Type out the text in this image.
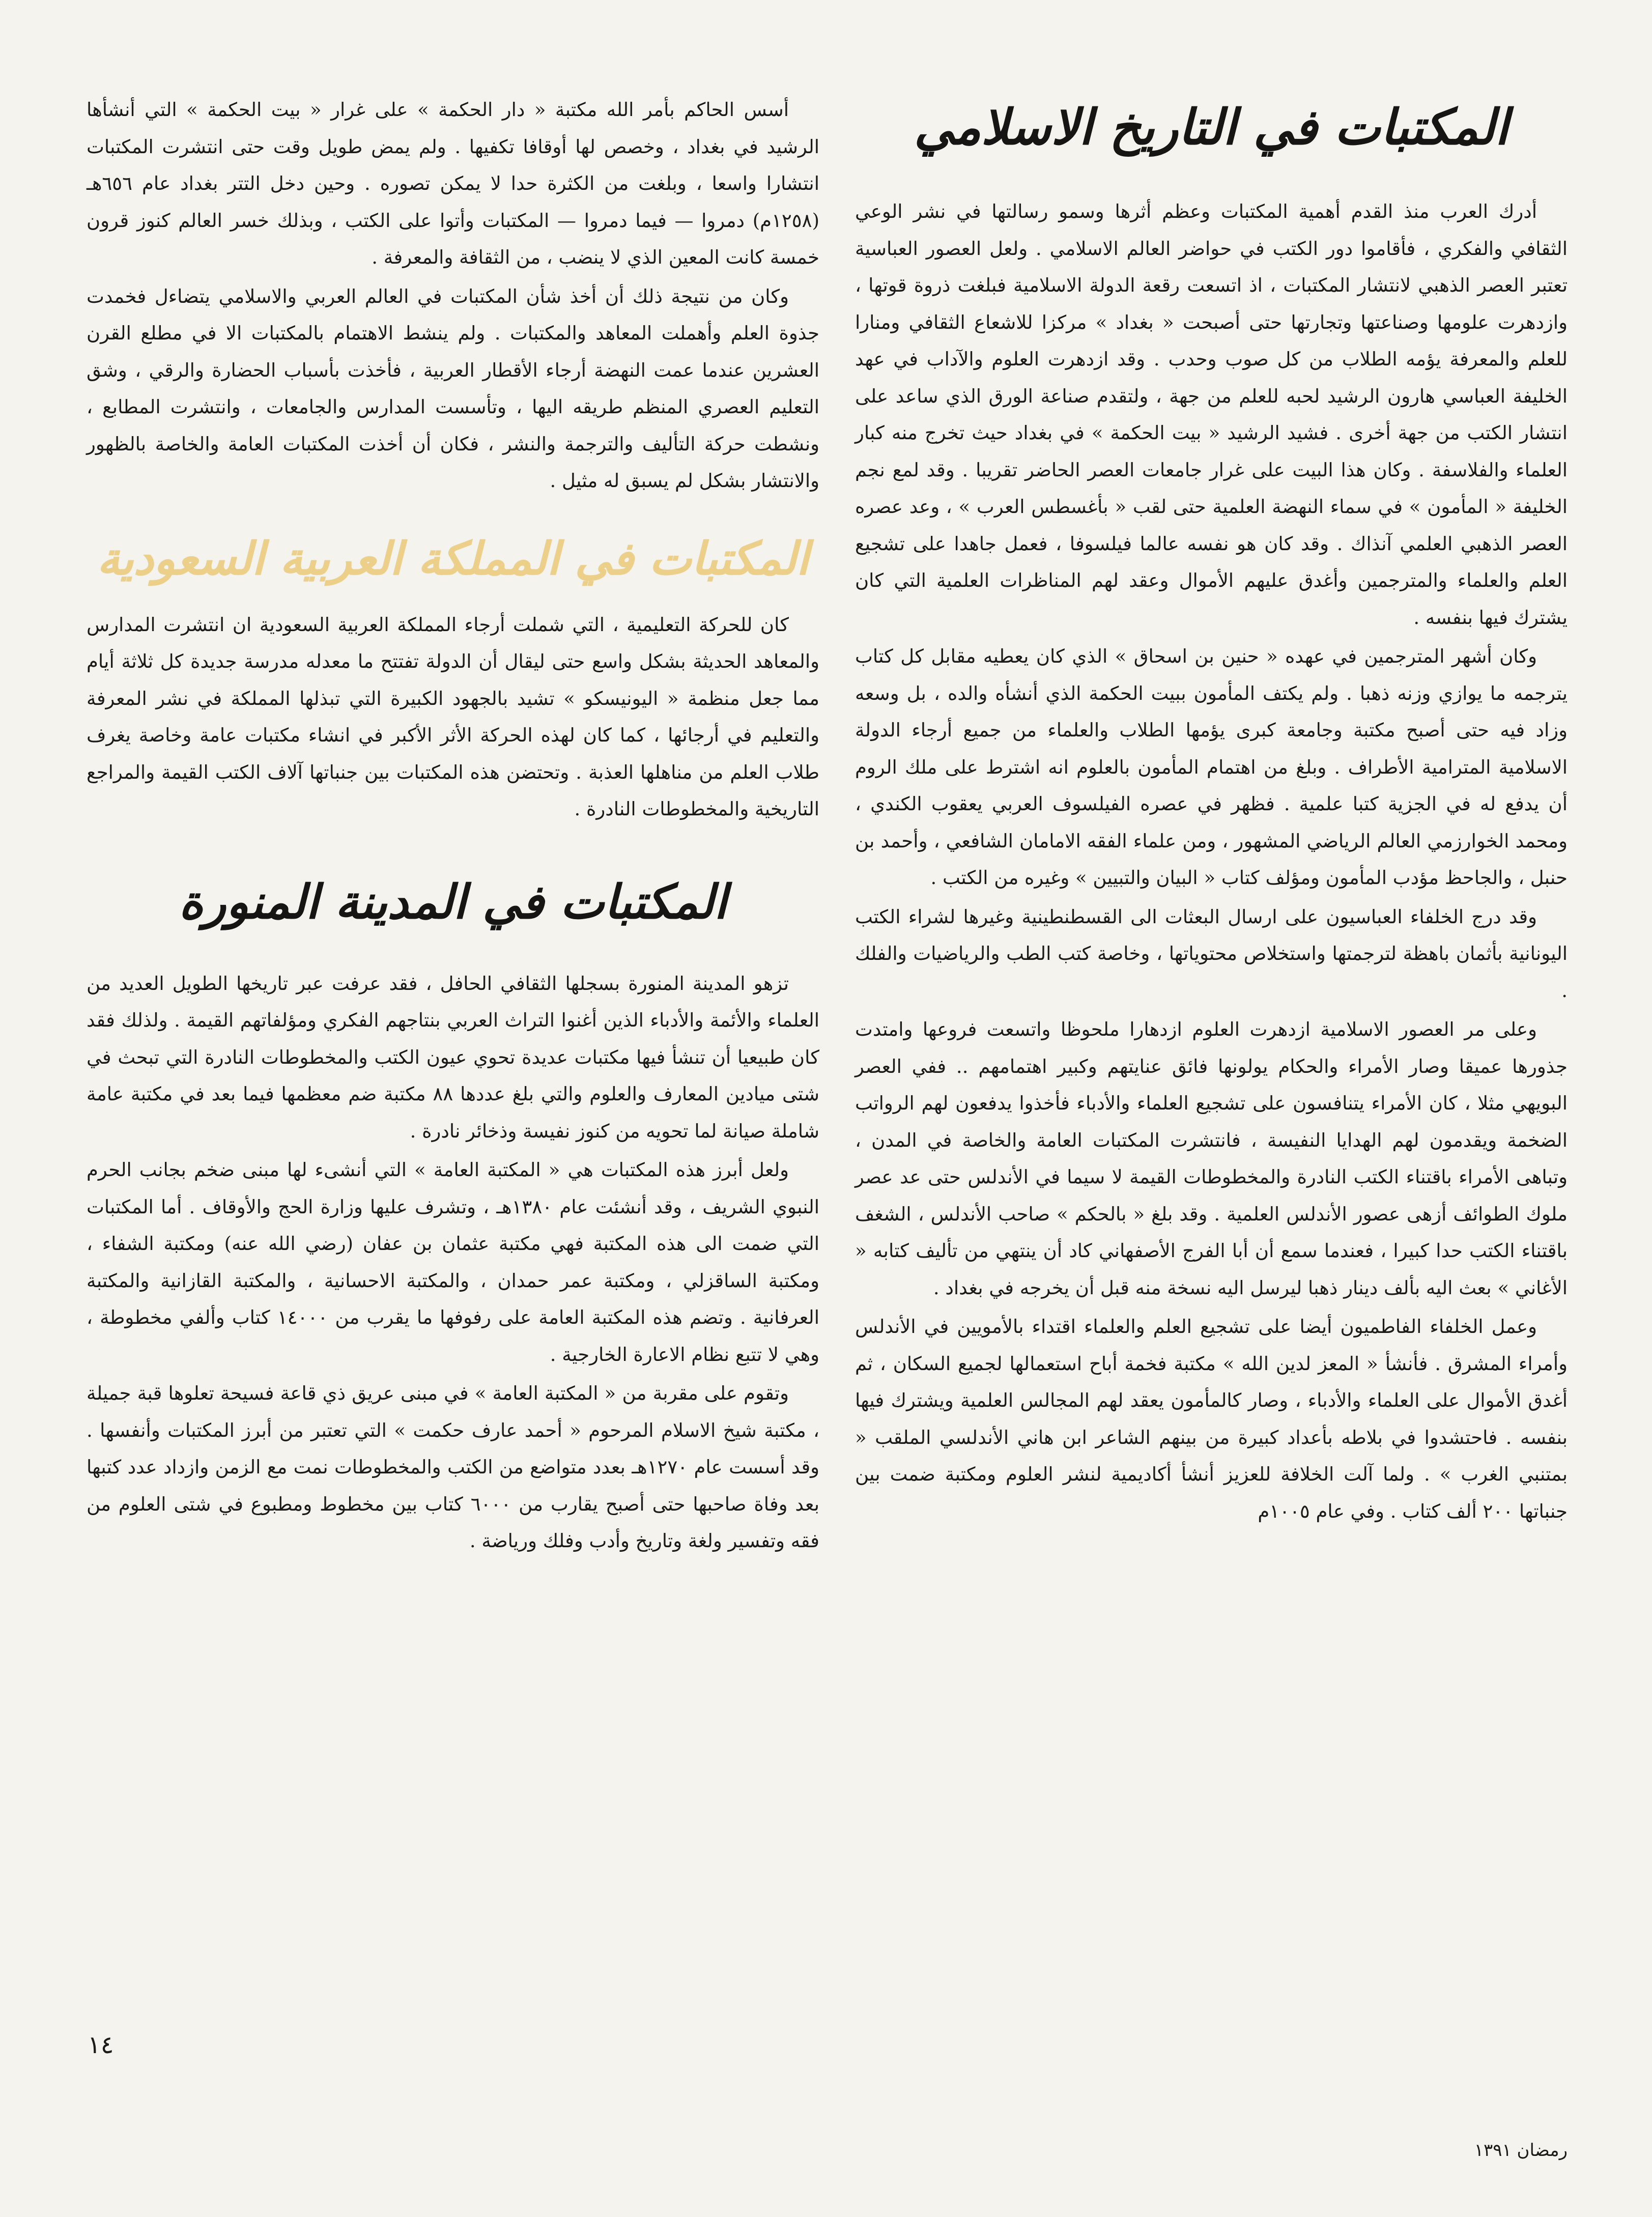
المكتبات في التاريخ الاسلامي

أدرك العرب منذ القدم أهمية المكتبات وعظم أثرها وسمو رسالتها في نشر الوعي الثقافي والفكري ، فأقاموا دور الكتب في حواضر العالم الاسلامي . ولعل العصور العباسية تعتبر العصر الذهبي لانتشار المكتبات ، اذ اتسعت رقعة الدولة الاسلامية فبلغت ذروة قوتها ، وازدهرت علومها وصناعتها وتجارتها حتى أصبحت « بغداد » مركزا للاشعاع الثقافي ومنارا للعلم والمعرفة يؤمه الطلاب من كل صوب وحدب . وقد ازدهرت العلوم والآداب في عهد الخليفة العباسي هارون الرشيد لحبه للعلم من جهة ، ولتقدم صناعة الورق الذي ساعد على انتشار الكتب من جهة أخرى . فشيد الرشيد « بيت الحكمة » في بغداد حيث تخرج منه كبار العلماء والفلاسفة . وكان هذا البيت على غرار جامعات العصر الحاضر تقريبا . وقد لمع نجم الخليفة « المأمون » في سماء النهضة العلمية حتى لقب « بأغسطس العرب » ، وعد عصره العصر الذهبي العلمي آنذاك . وقد كان هو نفسه عالما فيلسوفا ، فعمل جاهدا على تشجيع العلم والعلماء والمترجمين وأغدق عليهم الأموال وعقد لهم المناظرات العلمية التي كان يشترك فيها بنفسه .

وكان أشهر المترجمين في عهده « حنين بن اسحاق » الذي كان يعطيه مقابل كل كتاب يترجمه ما يوازي وزنه ذهبا . ولم يكتف المأمون ببيت الحكمة الذي أنشأه والده ، بل وسعه وزاد فيه حتى أصبح مكتبة وجامعة كبرى يؤمها الطلاب والعلماء من جميع أرجاء الدولة الاسلامية المترامية الأطراف . وبلغ من اهتمام المأمون بالعلوم انه اشترط على ملك الروم أن يدفع له في الجزية كتبا علمية . فظهر في عصره الفيلسوف العربي يعقوب الكندي ، ومحمد الخوارزمي العالم الرياضي المشهور ، ومن علماء الفقه الامامان الشافعي ، وأحمد بن حنبل ، والجاحظ مؤدب المأمون ومؤلف كتاب « البيان والتبيين » وغيره من الكتب .

وقد درج الخلفاء العباسيون على ارسال البعثات الى القسطنطينية وغيرها لشراء الكتب اليونانية بأثمان باهظة لترجمتها واستخلاص محتوياتها ، وخاصة كتب الطب والرياضيات والفلك .

وعلى مر العصور الاسلامية ازدهرت العلوم ازدهارا ملحوظا واتسعت فروعها وامتدت جذورها عميقا وصار الأمراء والحكام يولونها فائق عنايتهم وكبير اهتمامهم .. ففي العصر البويهي مثلا ، كان الأمراء يتنافسون على تشجيع العلماء والأدباء فأخذوا يدفعون لهم الرواتب الضخمة ويقدمون لهم الهدايا النفيسة ، فانتشرت المكتبات العامة والخاصة في المدن ، وتباهى الأمراء باقتناء الكتب النادرة والمخطوطات القيمة لا سيما في الأندلس حتى عد عصر ملوك الطوائف أزهى عصور الأندلس العلمية . وقد بلغ « بالحكم » صاحب الأندلس ، الشغف باقتناء الكتب حدا كبيرا ، فعندما سمع أن أبا الفرج الأصفهاني كاد أن ينتهي من تأليف كتابه « الأغاني » بعث اليه بألف دينار ذهبا ليرسل اليه نسخة منه قبل أن يخرجه في بغداد .

وعمل الخلفاء الفاطميون أيضا على تشجيع العلم والعلماء اقتداء بالأمويين في الأندلس وأمراء المشرق . فأنشأ « المعز لدين الله » مكتبة فخمة أباح استعمالها لجميع السكان ، ثم أغدق الأموال على العلماء والأدباء ، وصار كالمأمون يعقد لهم المجالس العلمية ويشترك فيها بنفسه . فاحتشدوا في بلاطه بأعداد كبيرة من بينهم الشاعر ابن هاني الأندلسي الملقب « بمتنبي الغرب » . ولما آلت الخلافة للعزيز أنشأ أكاديمية لنشر العلوم ومكتبة ضمت بين جنباتها ٢٠٠ ألف كتاب . وفي عام ١٠٠٥م

أسس الحاكم بأمر الله مكتبة « دار الحكمة » على غرار « بيت الحكمة » التي أنشأها الرشيد في بغداد ، وخصص لها أوقافا تكفيها . ولم يمض طويل وقت حتى انتشرت المكتبات انتشارا واسعا ، وبلغت من الكثرة حدا لا يمكن تصوره . وحين دخل التتر بغداد عام ٦٥٦هـ (١٢٥٨م) دمروا — فيما دمروا — المكتبات وأتوا على الكتب ، وبذلك خسر العالم كنوز قرون خمسة كانت المعين الذي لا ينضب ، من الثقافة والمعرفة .

وكان من نتيجة ذلك أن أخذ شأن المكتبات في العالم العربي والاسلامي يتضاءل فخمدت جذوة العلم وأهملت المعاهد والمكتبات . ولم ينشط الاهتمام بالمكتبات الا في مطلع القرن العشرين عندما عمت النهضة أرجاء الأقطار العربية ، فأخذت بأسباب الحضارة والرقي ، وشق التعليم العصري المنظم طريقه اليها ، وتأسست المدارس والجامعات ، وانتشرت المطابع ، ونشطت حركة التأليف والترجمة والنشر ، فكان أن أخذت المكتبات العامة والخاصة بالظهور والانتشار بشكل لم يسبق له مثيل .

المكتبات في المملكة العربية السعودية

كان للحركة التعليمية ، التي شملت أرجاء المملكة العربية السعودية ان انتشرت المدارس والمعاهد الحديثة بشكل واسع حتى ليقال أن الدولة تفتتح ما معدله مدرسة جديدة كل ثلاثة أيام مما جعل منظمة « اليونيسكو » تشيد بالجهود الكبيرة التي تبذلها المملكة في نشر المعرفة والتعليم في أرجائها ، كما كان لهذه الحركة الأثر الأكبر في انشاء مكتبات عامة وخاصة يغرف طلاب العلم من مناهلها العذبة . وتحتضن هذه المكتبات بين جنباتها آلاف الكتب القيمة والمراجع التاريخية والمخطوطات النادرة .

المكتبات في المدينة المنورة

تزهو المدينة المنورة بسجلها الثقافي الحافل ، فقد عرفت عبر تاريخها الطويل العديد من العلماء والأئمة والأدباء الذين أغنوا التراث العربي بنتاجهم الفكري ومؤلفاتهم القيمة . ولذلك فقد كان طبيعيا أن تنشأ فيها مكتبات عديدة تحوي عيون الكتب والمخطوطات النادرة التي تبحث في شتى ميادين المعارف والعلوم والتي بلغ عددها ٨٨ مكتبة ضم معظمها فيما بعد في مكتبة عامة شاملة صيانة لما تحويه من كنوز نفيسة وذخائر نادرة .

ولعل أبرز هذه المكتبات هي « المكتبة العامة » التي أنشىء لها مبنى ضخم بجانب الحرم النبوي الشريف ، وقد أنشئت عام ١٣٨٠هـ ، وتشرف عليها وزارة الحج والأوقاف . أما المكتبات التي ضمت الى هذه المكتبة فهي مكتبة عثمان بن عفان (رضي الله عنه) ومكتبة الشفاء ، ومكتبة الساقزلي ، ومكتبة عمر حمدان ، والمكتبة الاحسانية ، والمكتبة القازانية والمكتبة العرفانية . وتضم هذه المكتبة العامة على رفوفها ما يقرب من ١٤٠٠٠ كتاب وألفي مخطوطة ، وهي لا تتبع نظام الاعارة الخارجية .

وتقوم على مقربة من « المكتبة العامة » في مبنى عريق ذي قاعة فسيحة تعلوها قبة جميلة ، مكتبة شيخ الاسلام المرحوم « أحمد عارف حكمت » التي تعتبر من أبرز المكتبات وأنفسها . وقد أسست عام ١٢٧٠هـ بعدد متواضع من الكتب والمخطوطات نمت مع الزمن وازداد عدد كتبها بعد وفاة صاحبها حتى أصبح يقارب من ٦٠٠٠ كتاب بين مخطوط ومطبوع في شتى العلوم من فقه وتفسير ولغة وتاريخ وأدب وفلك ورياضة .

١٤
رمضان ١٣٩١
